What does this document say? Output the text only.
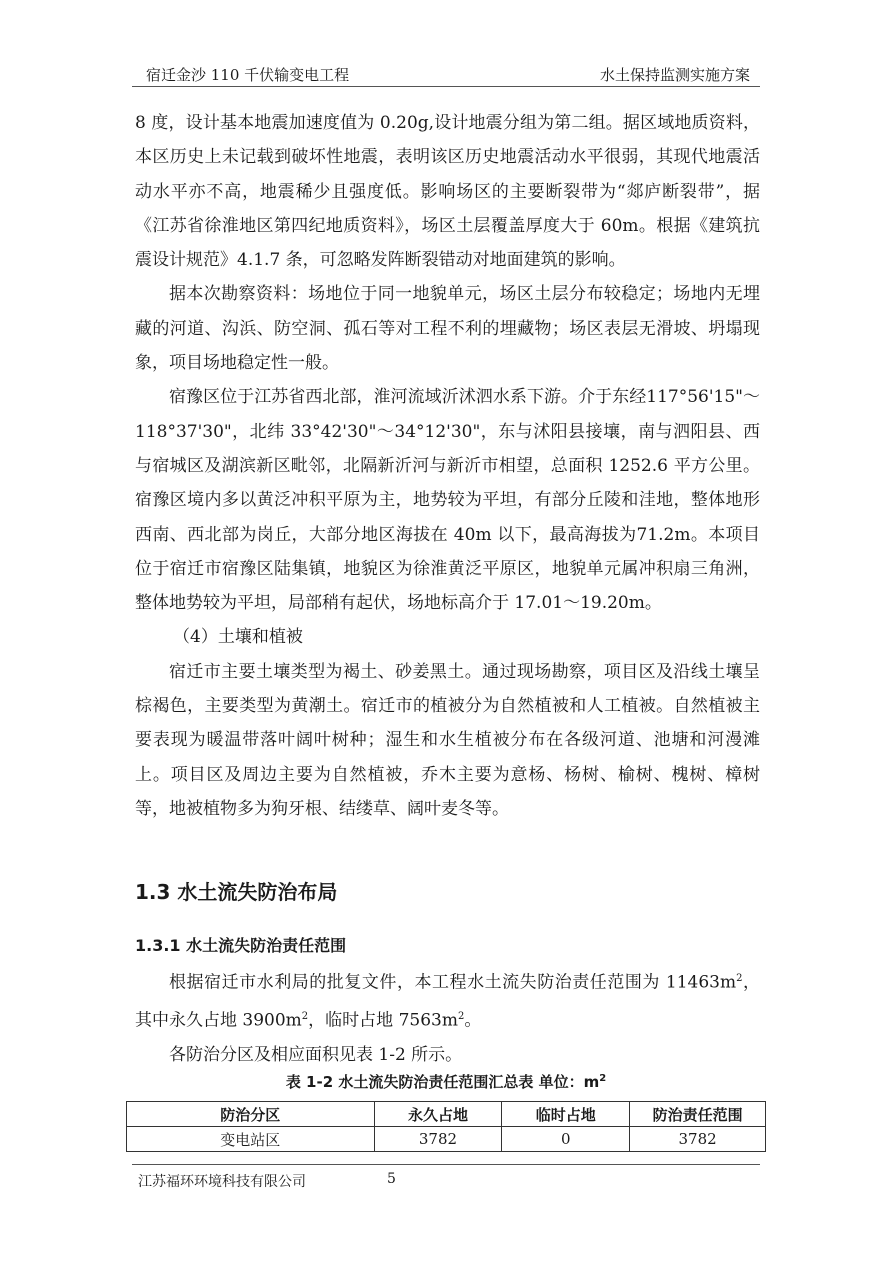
宿迁金沙 110 千伏输变电工程	水土保持监测实施方案

8 度，设计基本地震加速度值为 0.20g,设计地震分组为第二组。据区域地质资料，本区历史上未记载到破坏性地震，表明该区历史地震活动水平很弱，其现代地震活动水平亦不高，地震稀少且强度低。影响场区的主要断裂带为“郯庐断裂带”，据《江苏省徐淮地区第四纪地质资料》，场区土层覆盖厚度大于 60m。根据《建筑抗震设计规范》4.1.7 条，可忽略发阵断裂错动对地面建筑的影响。

据本次勘察资料：场地位于同一地貌单元，场区土层分布较稳定；场地内无埋藏的河道、沟浜、防空洞、孤石等对工程不利的埋藏物；场区表层无滑坡、坍塌现象，项目场地稳定性一般。

宿豫区位于江苏省西北部，淮河流域沂沭泗水系下游。介于东经117°56'15"～118°37'30"，北纬 33°42'30"～34°12'30"，东与沭阳县接壤，南与泗阳县、西与宿城区及湖滨新区毗邻，北隔新沂河与新沂市相望，总面积 1252.6 平方公里。宿豫区境内多以黄泛冲积平原为主，地势较为平坦，有部分丘陵和洼地，整体地形西南、西北部为岗丘，大部分地区海拔在 40m 以下，最高海拔为71.2m。本项目位于宿迁市宿豫区陆集镇，地貌区为徐淮黄泛平原区，地貌单元属冲积扇三角洲，整体地势较为平坦，局部稍有起伏，场地标高介于 17.01～19.20m。

（4）土壤和植被

宿迁市主要土壤类型为褐土、砂姜黑土。通过现场勘察，项目区及沿线土壤呈棕褐色，主要类型为黄潮土。宿迁市的植被分为自然植被和人工植被。自然植被主要表现为暖温带落叶阔叶树种；湿生和水生植被分布在各级河道、池塘和河漫滩上。项目区及周边主要为自然植被，乔木主要为意杨、杨树、榆树、槐树、樟树等，地被植物多为狗牙根、结缕草、阔叶麦冬等。

1.3 水土流失防治布局
1.3.1 水土流失防治责任范围

根据宿迁市水利局的批复文件，本工程水土流失防治责任范围为 $11463m^2$，其中永久占地 $3900m^2$，临时占地 $7563m^2$。

各防治分区及相应面积见表 1-2 所示。

表 1-2 水土流失防治责任范围汇总表 单位：$m^2$
防治分区	永久占地	临时占地	防治责任范围
变电站区	3782	0	3782
江苏福环环境科技有限公司	5
